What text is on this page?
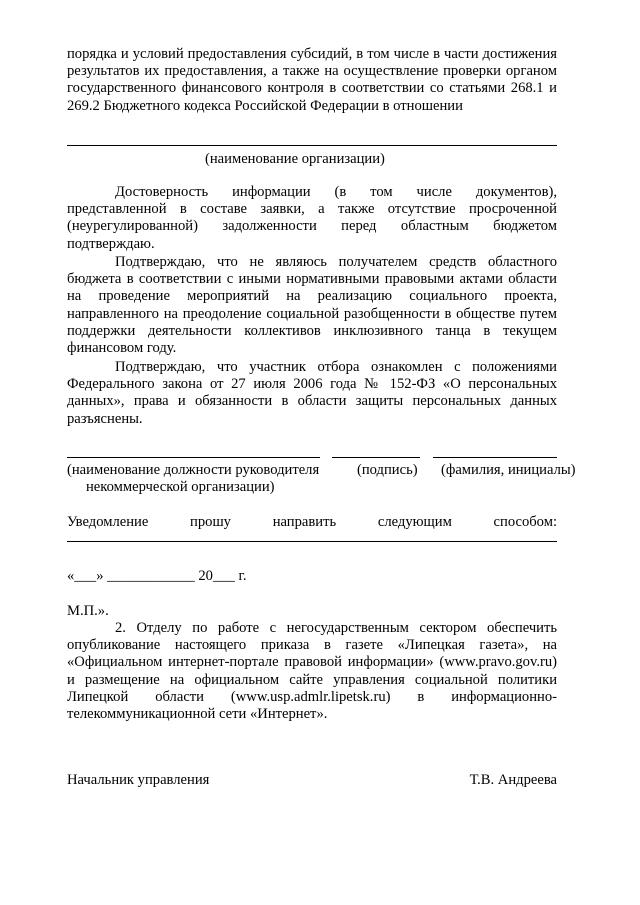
порядка и условий предоставления субсидий, в том числе в части достижения результатов их предоставления, а также на осуществление проверки органом государственного финансового контроля в соответствии со статьями 268.1 и 269.2 Бюджетного кодекса Российской Федерации в отношении

(наименование организации)

Достоверность информации (в том числе документов), представленной в составе заявки, а также отсутствие просроченной (неурегулированной) задолженности перед областным бюджетом подтверждаю.

Подтверждаю, что не являюсь получателем средств областного бюджета в соответствии с иными нормативными правовыми актами области на проведение мероприятий на реализацию социального проекта, направленного на преодоление социальной разобщенности в обществе путем поддержки деятельности коллективов инклюзивного танца в текущем финансовом году.

Подтверждаю, что участник отбора ознакомлен с положениями Федерального закона от 27 июля 2006 года № 152-ФЗ «О персональных данных», права и обязанности в области защиты персональных данных разъяснены.

(наименование должности руководителя
некоммерческой организации)
(подпись) (фамилия, инициалы)

Уведомление прошу направить следующим способом:

«___» ____________ 20___ г.
М.П.».

2. Отделу по работе с негосударственным сектором обеспечить опубликование настоящего приказа в газете «Липецкая газета», на «Официальном интернет-портале правовой информации» (www.pravo.gov.ru) и размещение на официальном сайте управления социальной политики Липецкой области (www.usp.admlr.lipetsk.ru) в информационно-телекоммуникационной сети «Интернет».

Начальник управления	Т.В. Андреева
